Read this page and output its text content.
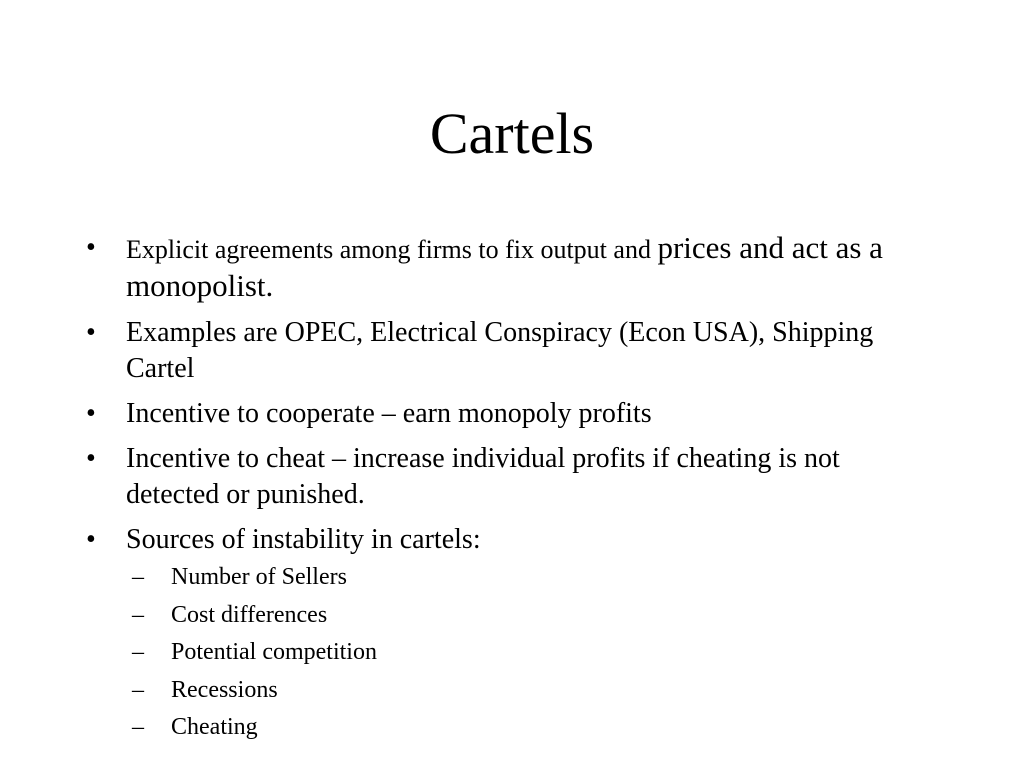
Cartels
• Explicit agreements among firms to fix output and prices and act as a monopolist.
• Examples are OPEC, Electrical Conspiracy (Econ USA), Shipping Cartel
• Incentive to cooperate – earn monopoly profits
• Incentive to cheat – increase individual profits if cheating is not detected or punished.
• Sources of instability in cartels:
– Number of Sellers
– Cost differences
– Potential competition
– Recessions
– Cheating
